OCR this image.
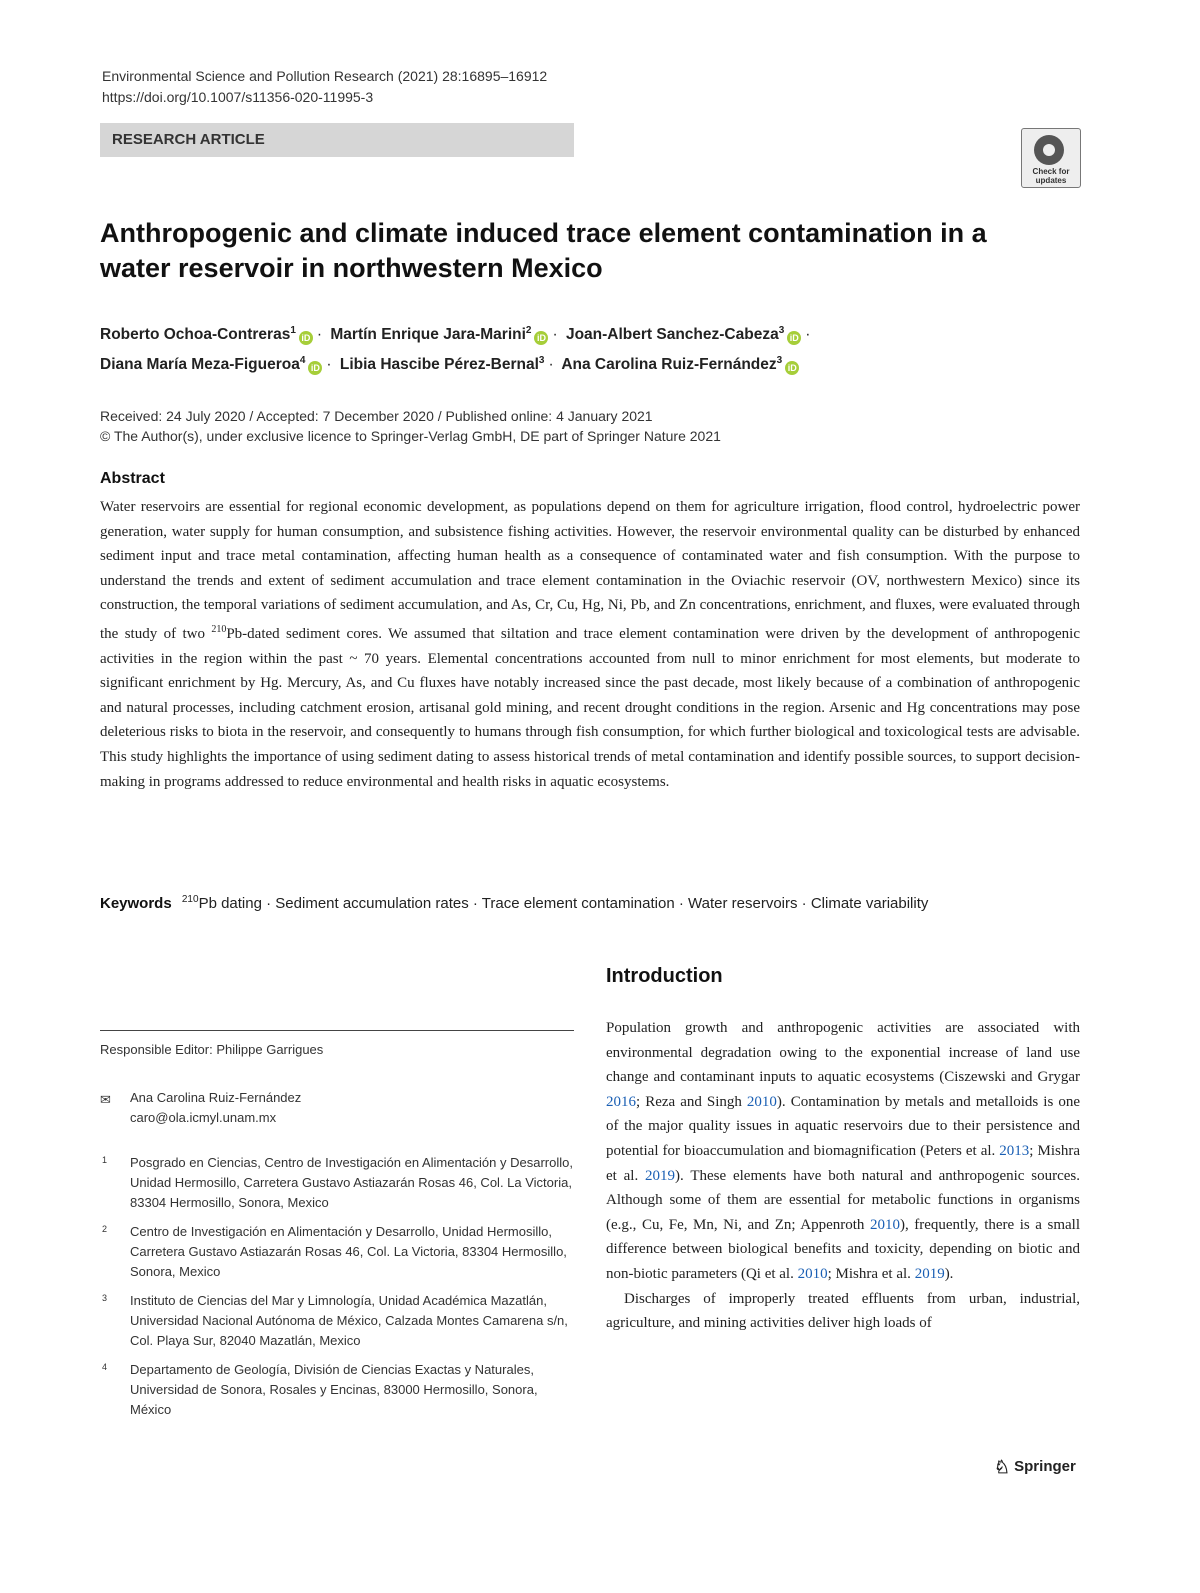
Environmental Science and Pollution Research (2021) 28:16895–16912
https://doi.org/10.1007/s11356-020-11995-3
RESEARCH ARTICLE
Check for updates
Anthropogenic and climate induced trace element contamination in a water reservoir in northwestern Mexico
Roberto Ochoa-Contreras$^1$iD · Martín Enrique Jara-Marini$^2$iD · Joan-Albert Sanchez-Cabeza$^3$iD ·
Diana María Meza-Figueroa$^4$iD · Libia Hascibe Pérez-Bernal$^3$ · Ana Carolina Ruiz-Fernández$^3$iD
Received: 24 July 2020 / Accepted: 7 December 2020 / Published online: 4 January 2021
© The Author(s), under exclusive licence to Springer-Verlag GmbH, DE part of Springer Nature 2021
Abstract
Water reservoirs are essential for regional economic development, as populations depend on them for agriculture irrigation, flood control, hydroelectric power generation, water supply for human consumption, and subsistence fishing activities. However, the reservoir environmental quality can be disturbed by enhanced sediment input and trace metal contamination, affecting human health as a consequence of contaminated water and fish consumption. With the purpose to understand the trends and extent of sediment accumulation and trace element contamination in the Oviachic reservoir (OV, northwestern Mexico) since its construction, the temporal variations of sediment accumulation, and As, Cr, Cu, Hg, Ni, Pb, and Zn concentrations, enrichment, and fluxes, were evaluated through the study of two $^{210}$Pb-dated sediment cores. We assumed that siltation and trace element contamination were driven by the development of anthropogenic activities in the region within the past ~ 70 years. Elemental concentrations accounted from null to minor enrichment for most elements, but moderate to significant enrichment by Hg. Mercury, As, and Cu fluxes have notably increased since the past decade, most likely because of a combination of anthropogenic and natural processes, including catchment erosion, artisanal gold mining, and recent drought conditions in the region. Arsenic and Hg concentrations may pose deleterious risks to biota in the reservoir, and consequently to humans through fish consumption, for which further biological and toxicological tests are advisable. This study highlights the importance of using sediment dating to assess historical trends of metal contamination and identify possible sources, to support decision-making in programs addressed to reduce environmental and health risks in aquatic ecosystems.
Keywords $^{210}$Pb dating · Sediment accumulation rates · Trace element contamination · Water reservoirs · Climate variability
Introduction

Population growth and anthropogenic activities are associated with environmental degradation owing to the exponential increase of land use change and contaminant inputs to aquatic ecosystems (Ciszewski and Grygar 2016; Reza and Singh 2010). Contamination by metals and metalloids is one of the major quality issues in aquatic reservoirs due to their persistence and potential for bioaccumulation and biomagnification (Peters et al. 2013; Mishra et al. 2019). These elements have both natural and anthropogenic sources. Although some of them are essential for metabolic functions in organisms (e.g., Cu, Fe, Mn, Ni, and Zn; Appenroth 2010), frequently, there is a small difference between biological benefits and toxicity, depending on biotic and non-biotic parameters (Qi et al. 2010; Mishra et al. 2019).

Discharges of improperly treated effluents from urban, industrial, agriculture, and mining activities deliver high loads of

Responsible Editor: Philippe Garrigues
✉ Ana Carolina Ruiz-Fernández
caro@ola.icmyl.unam.mx
1 Posgrado en Ciencias, Centro de Investigación en Alimentación y Desarrollo, Unidad Hermosillo, Carretera Gustavo Astiazarán Rosas 46, Col. La Victoria, 83304 Hermosillo, Sonora, Mexico
2 Centro de Investigación en Alimentación y Desarrollo, Unidad Hermosillo, Carretera Gustavo Astiazarán Rosas 46, Col. La Victoria, 83304 Hermosillo, Sonora, Mexico
3 Instituto de Ciencias del Mar y Limnología, Unidad Académica Mazatlán, Universidad Nacional Autónoma de México, Calzada Montes Camarena s/n, Col. Playa Sur, 82040 Mazatlán, Mexico
4 Departamento de Geología, División de Ciencias Exactas y Naturales, Universidad de Sonora, Rosales y Encinas, 83000 Hermosillo, Sonora, México
♘ Springer
